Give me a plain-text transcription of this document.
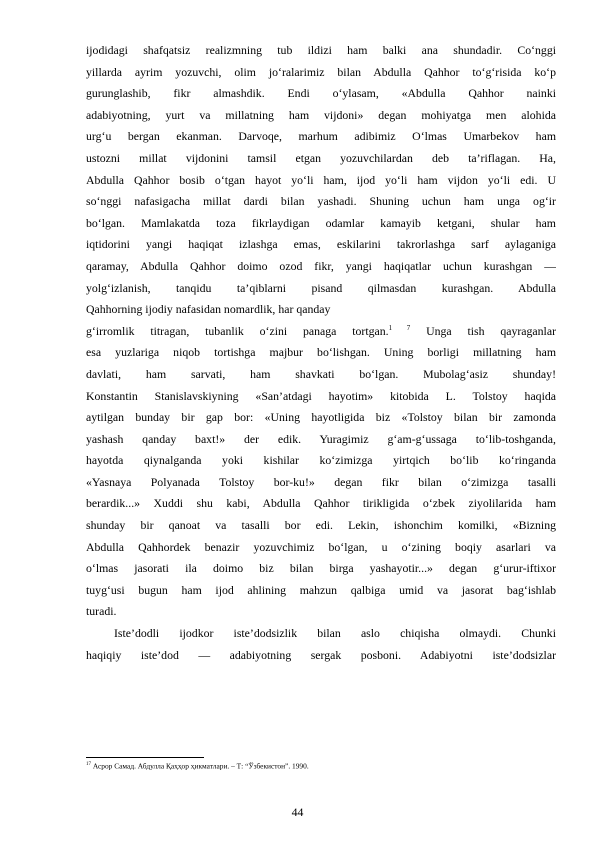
ijodidagi shafqatsiz realizmning tub ildizi ham balki ana shundadir. Co‘nggi
yillarda ayrim yozuvchi, olim jo‘ralarimiz bilan Abdulla Qahhor to‘g‘risida ko‘p
gurunglashib, fikr almashdik. Endi o‘ylasam, «Abdulla Qahhor nainki
adabiyotning, yurt va millatning ham vijdoni» degan mohiyatga men alohida
urg‘u bergan ekanman. Darvoqe, marhum adibimiz O‘lmas Umarbekov ham
ustozni millat vijdonini tamsil etgan yozuvchilardan deb ta’riflagan. Ha,
Abdulla Qahhor bosib o‘tgan hayot yo‘li ham, ijod yo‘li ham vijdon yo‘li edi. U
so‘nggi nafasigacha millat dardi bilan yashadi. Shuning uchun ham unga og‘ir
bo‘lgan. Mamlakatda toza fikrlaydigan odamlar kamayib ketgani, shular ham
iqtidorini yangi haqiqat izlashga emas, eskilarini takrorlashga sarf aylaganiga
qaramay, Abdulla Qahhor doimo ozod fikr, yangi haqiqatlar uchun kurashgan —
yolg‘izlanish, tanqidu ta’qiblarni pisand qilmasdan kurashgan. Abdulla
Qahhorning ijodiy nafasidan nomardlik, har qanday
g‘irromlik titragan, tubanlik o‘zini panaga tortgan.$^{1 7}$ Unga tish qayraganlar
esa yuzlariga niqob tortishga majbur bo‘lishgan. Uning borligi millatning ham
davlati, ham sarvati, ham shavkati bo‘lgan. Mubolag‘asiz shunday!
Konstantin Stanislavskiyning «San’atdagi hayotim» kitobida L. Tolstoy haqida
aytilgan bunday bir gap bor: «Uning hayotligida biz «Tolstoy bilan bir zamonda
yashash qanday baxt!» der edik. Yuragimiz g‘am-g‘ussaga to‘lib-toshganda,
hayotda qiynalganda yoki kishilar ko‘zimizga yirtqich bo‘lib ko‘ringanda
«Yasnaya Polyanada Tolstoy bor-ku!» degan fikr bilan o‘zimizga tasalli
berardik...» Xuddi shu kabi, Abdulla Qahhor tirikligida o‘zbek ziyolilarida ham
shunday bir qanoat va tasalli bor edi. Lekin, ishonchim komilki, «Bizning
Abdulla Qahhordek benazir yozuvchimiz bo‘lgan, u o‘zining boqiy asarlari va
o‘lmas jasorati ila doimo biz bilan birga yashayotir...» degan g‘urur-iftixor
tuyg‘usi bugun ham ijod ahlining mahzun qalbiga umid va jasorat bag‘ishlab
turadi.
Iste’dodli ijodkor iste’dodsizlik bilan aslo chiqisha olmaydi. Chunki
haqiqiy iste’dod — adabiyotning sergak posboni. Adabiyotni iste’dodsizlar
$^{17}$ Асрор Самад. Абдулла Қаҳҳор ҳикматлари. – Т: “Ўзбекистон”. 1990.
44
